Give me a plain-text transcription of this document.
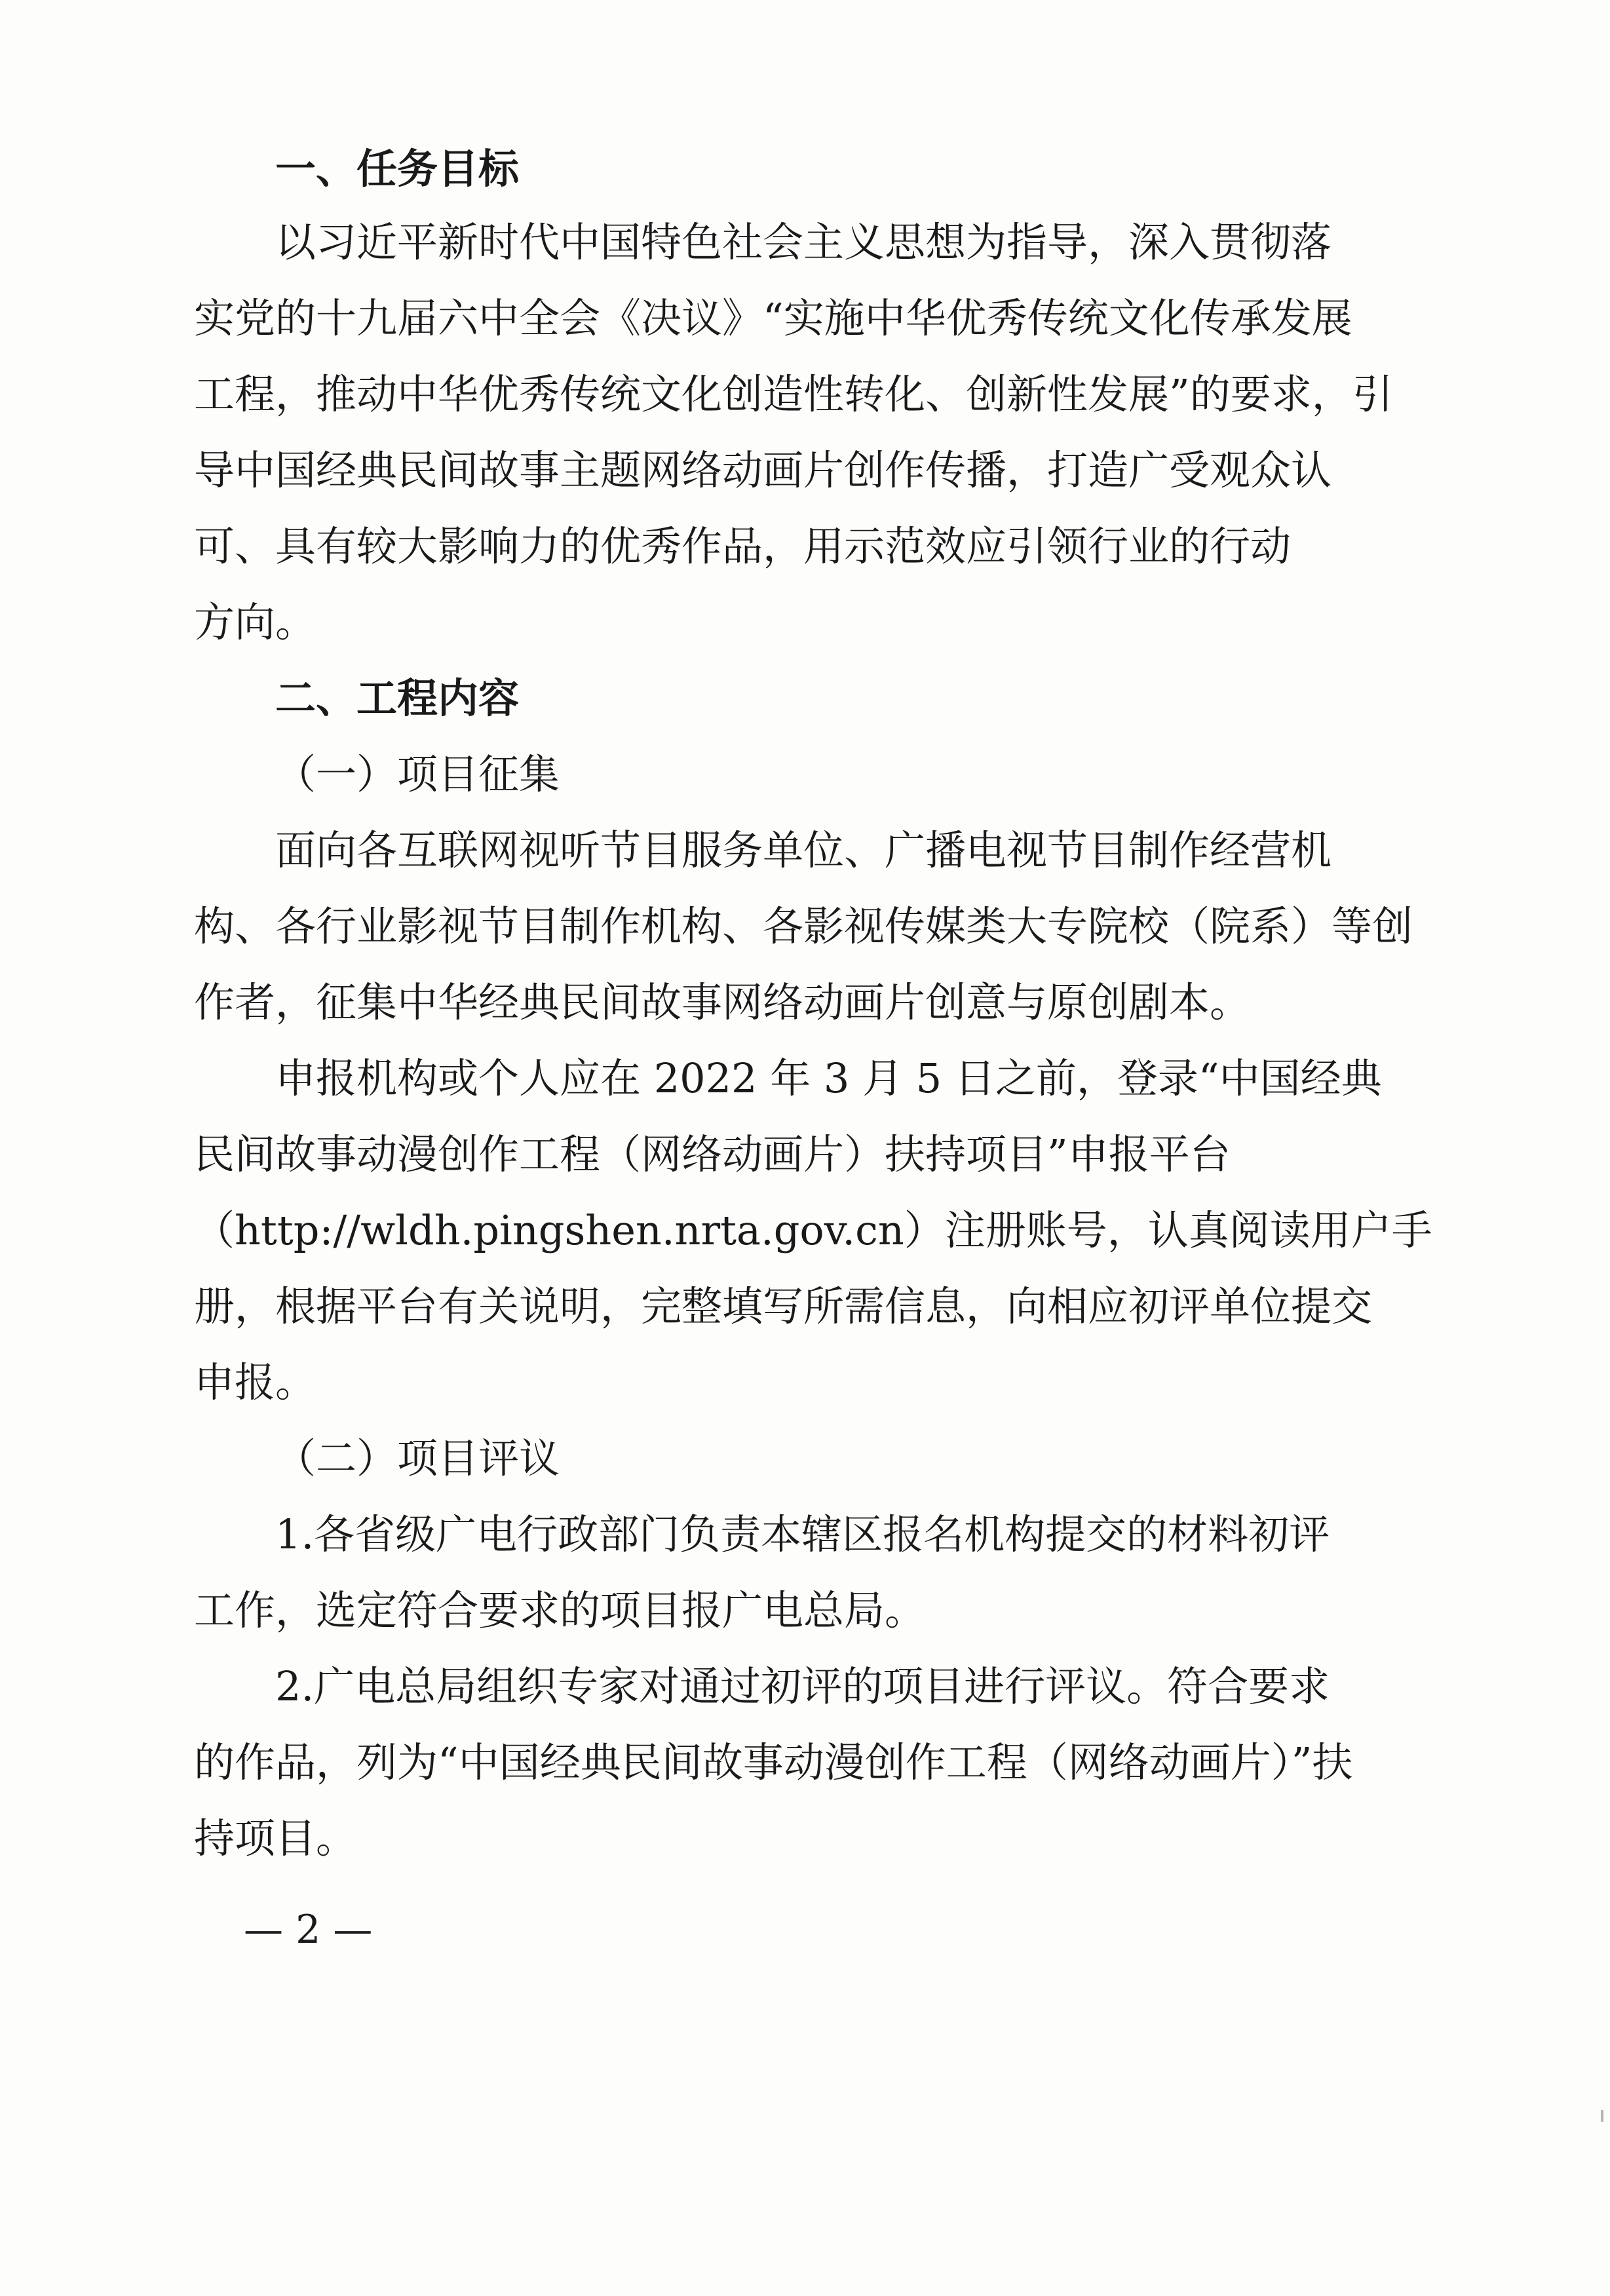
一、任务目标
以习近平新时代中国特色社会主义思想为指导，深入贯彻落
实党的十九届六中全会《决议》“实施中华优秀传统文化传承发展
工程，推动中华优秀传统文化创造性转化、创新性发展”的要求，引
导中国经典民间故事主题网络动画片创作传播，打造广受观众认
可、具有较大影响力的优秀作品，用示范效应引领行业的行动
方向。
二、工程内容
（一）项目征集
面向各互联网视听节目服务单位、广播电视节目制作经营机
构、各行业影视节目制作机构、各影视传媒类大专院校（院系）等创
作者，征集中华经典民间故事网络动画片创意与原创剧本。
申报机构或个人应在 2022 年 3 月 5 日之前，登录“中国经典
民间故事动漫创作工程（网络动画片）扶持项目”申报平台
（http://wldh.pingshen.nrta.gov.cn）注册账号，认真阅读用户手
册，根据平台有关说明，完整填写所需信息，向相应初评单位提交
申报。
（二）项目评议
1.各省级广电行政部门负责本辖区报名机构提交的材料初评
工作，选定符合要求的项目报广电总局。
2.广电总局组织专家对通过初评的项目进行评议。符合要求
的作品，列为“中国经典民间故事动漫创作工程（网络动画片）”扶
持项目。
— 2 —
